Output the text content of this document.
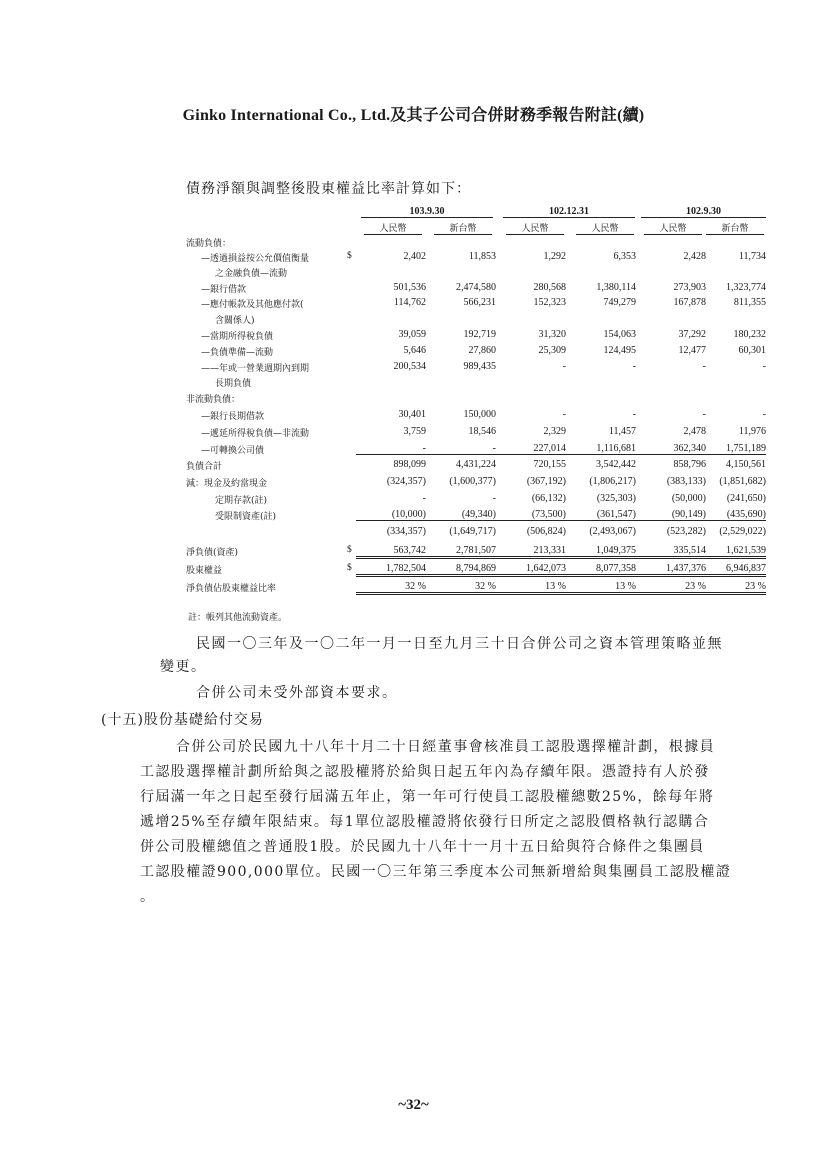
Ginko International Co., Ltd.及其子公司合併財務季報告附註(續)
債務淨額與調整後股東權益比率計算如下：
103.9.30	102.12.31	102.9.30
人民幣	新台幣	人民幣	人民幣	人民幣	新台幣
流動負債：
—透過損益按公允價值衡量	$	2,402	11,853	1,292	6,353	2,428	11,734
之金融負債—流動
—銀行借款	501,536	2,474,580	280,568	1,380,114	273,903	1,323,774
—應付帳款及其他應付款(	114,762	566,231	152,323	749,279	167,878	811,355
含關係人)
—當期所得稅負債	39,059	192,719	31,320	154,063	37,292	180,232
—負債準備—流動	5,646	27,860	25,309	124,495	12,477	60,301
——年或一營業週期內到期	200,534	989,435	-	-	-	-
長期負債
非流動負債：
—銀行長期借款	30,401	150,000	-	-	-	-
—遞延所得稅負債—非流動	3,759	18,546	2,329	11,457	2,478	11,976
—可轉換公司債	-	-	227,014	1,116,681	362,340	1,751,189
負債合計	898,099	4,431,224	720,155	3,542,442	858,796	4,150,561
減：現金及約當現金	(324,357)	(1,600,377)	(367,192)	(1,806,217)	(383,133)	(1,851,682)
定期存款(註)	-	-	(66,132)	(325,303)	(50,000)	(241,650)
受限制資產(註)	(10,000)	(49,340)	(73,500)	(361,547)	(90,149)	(435,690)
(334,357)	(1,649,717)	(506,824)	(2,493,067)	(523,282)	(2,529,022)
淨負債(資產)	$	563,742	2,781,507	213,331	1,049,375	335,514	1,621,539
股東權益	$	1,782,504	8,794,869	1,642,073	8,077,358	1,437,376	6,946,837
淨負債佔股東權益比率	32 %	32 %	13 %	13 %	23 %	23 %
註：帳列其他流動資產。
民國一〇三年及一〇二年一月一日至九月三十日合併公司之資本管理策略並無
變更。
合併公司未受外部資本要求。
(十五)股份基礎給付交易
合併公司於民國九十八年十月二十日經董事會核准員工認股選擇權計劃，根據員
工認股選擇權計劃所給與之認股權將於給與日起五年內為存續年限。憑證持有人於發
行屆滿一年之日起至發行屆滿五年止，第一年可行使員工認股權總數25%，餘每年將
遞增25%至存續年限結束。每1單位認股權證將依發行日所定之認股價格執行認購合
併公司股權總值之普通股1股。於民國九十八年十一月十五日給與符合條件之集團員
工認股權證900,000單位。民國一〇三年第三季度本公司無新增給與集團員工認股權證
。
~32~
